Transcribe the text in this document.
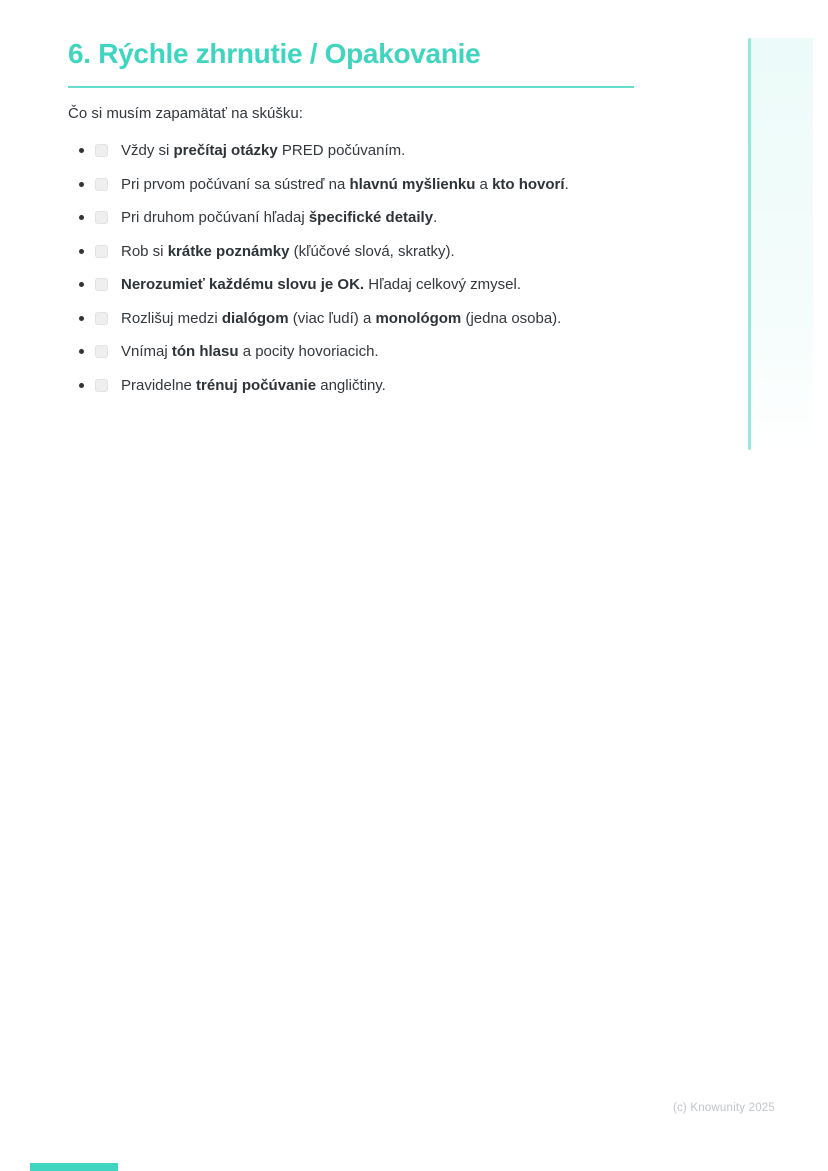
6. Rýchle zhrnutie / Opakovanie

Čo si musím zapamätať na skúšku:

Vždy si prečítaj otázky PRED počúvaním.
Pri prvom počúvaní sa sústreď na hlavnú myšlienku a kto hovorí.
Pri druhom počúvaní hľadaj špecifické detaily.
Rob si krátke poznámky (kľúčové slová, skratky).
Nerozumieť každému slovu je OK. Hľadaj celkový zmysel.
Rozlišuj medzi dialógom (viac ľudí) a monológom (jedna osoba).
Vnímaj tón hlasu a pocity hovoriacich.
Pravidelne trénuj počúvanie angličtiny.
(c) Knowunity 2025
